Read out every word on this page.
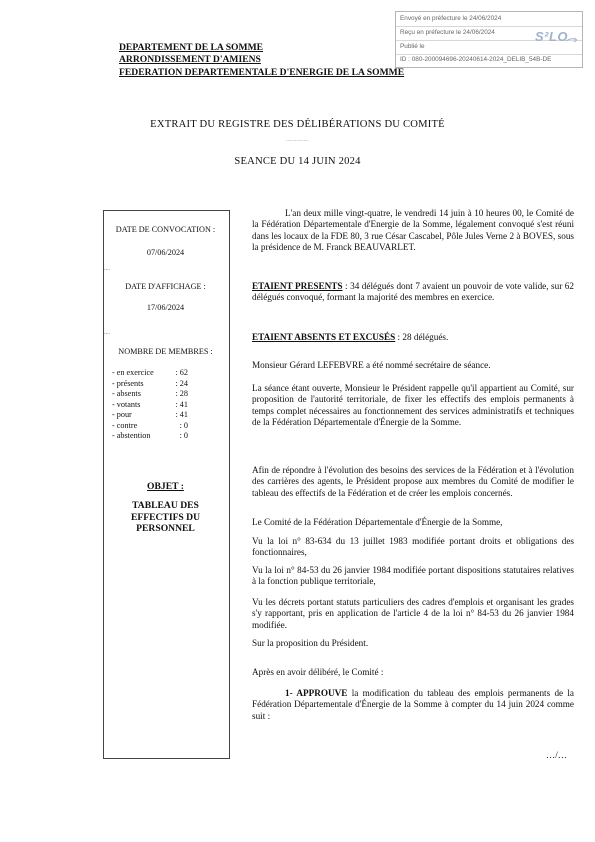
Envoyé en préfecture le 24/06/2024
Reçu en préfecture le 24/06/2024
Publié le
ID : 080-200094696-20240614-2024_DELIB_54B-DE
S²LO
DEPARTEMENT DE LA SOMME
ARRONDISSEMENT D'AMIENS
FEDERATION DEPARTEMENTALE D'ENERGIE DE LA SOMME
EXTRAIT DU REGISTRE DES DÉLIBÉRATIONS DU COMITÉ
..................
SEANCE DU 14 JUIN 2024
DATE DE CONVOCATION :
07/06/2024
....
DATE D'AFFICHAGE :
17/06/2024
....
NOMBRE DE MEMBRES :
- en exercice	: 62
- présents	: 24
- absents	: 28
- votants	: 41
- pour	: 41
- contre	: 0
- abstention	: 0
OBJET :
TABLEAU DES
EFFECTIFS DU
PERSONNEL

L'an deux mille vingt-quatre, le vendredi 14 juin à 10 heures 00, le Comité de la Fédération Départementale d'Energie de la Somme, légalement convoqué s'est réuni dans les locaux de la FDE 80, 3 rue César Cascabel, Pôle Jules Verne 2 à BOVES, sous la présidence de M. Franck BEAUVARLET.

ETAIENT PRESENTS : 34 délégués dont 7 avaient un pouvoir de vote valide, sur 62 délégués convoqué, formant la majorité des membres en exercice.

ETAIENT ABSENTS ET EXCUSÉS : 28 délégués.

Monsieur Gérard LEFEBVRE a été nommé secrétaire de séance.

La séance étant ouverte, Monsieur le Président rappelle qu'il appartient au Comité, sur proposition de l'autorité territoriale, de fixer les effectifs des emplois permanents à temps complet nécessaires au fonctionnement des services administratifs et techniques de la Fédération Départementale d'Énergie de la Somme.

Afin de répondre à l'évolution des besoins des services de la Fédération et à l'évolution des carrières des agents, le Président propose aux membres du Comité de modifier le tableau des effectifs de la Fédération et de créer les emplois concernés.

Le Comité de la Fédération Départementale d'Énergie de la Somme,

Vu la loi n° 83-634 du 13 juillet 1983 modifiée portant droits et obligations des fonctionnaires,

Vu la loi n° 84-53 du 26 janvier 1984 modifiée portant dispositions statutaires relatives à la fonction publique territoriale,

Vu les décrets portant statuts particuliers des cadres d'emplois et organisant les grades s'y rapportant, pris en application de l'article 4 de la loi n° 84-53 du 26 janvier 1984 modifiée.

Sur la proposition du Président.

Après en avoir délibéré, le Comité :

1- APPROUVE la modification du tableau des emplois permanents de la Fédération Départementale d'Énergie de la Somme à compter du 14 juin 2024 comme suit :

…/…
